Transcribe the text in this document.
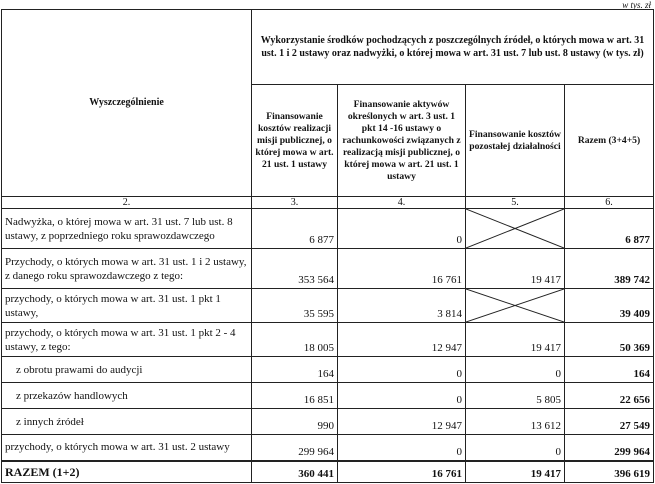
w tys. zł
Wyszczególnienie	Wykorzystanie środków pochodzących z poszczególnych źródeł, o których mowa w art. 31 ust. 1 i 2 ustawy oraz nadwyżki, o której mowa w art. 31 ust. 7 lub ust. 8 ustawy (w tys. zł)			
	Finansowanie kosztów realizacji misji publicznej, o której mowa w art. 21 ust. 1 ustawy	Finansowanie aktywów określonych w art. 3 ust. 1 pkt 14 -16 ustawy o rachunkowości związanych z realizacją misji publicznej, o której mowa w art. 21 ust. 1 ustawy	Finansowanie kosztów pozostałej działalności	Razem (3+4+5)
2.	3.	4.	5.	6.
Nadwyżka, o której mowa w art. 31 ust. 7 lub ust. 8 ustawy, z poprzedniego roku sprawozdawczego	6 877	0		6 877
Przychody, o których mowa w art. 31 ust. 1 i 2 ustawy, z danego roku sprawozdawczego z tego:	353 564	16 761	19 417	389 742
przychody, o których mowa w art. 31 ust. 1 pkt 1 ustawy,	35 595	3 814		39 409
przychody, o których mowa w art. 31 ust. 1 pkt 2 - 4 ustawy, z tego:	18 005	12 947	19 417	50 369
z obrotu prawami do audycji	164	0	0	164
z przekazów handlowych	16 851	0	5 805	22 656
z innych źródeł	990	12 947	13 612	27 549
przychody, o których mowa w art. 31 ust. 2 ustawy	299 964	0	0	299 964
RAZEM (1+2)	360 441	16 761	19 417	396 619
